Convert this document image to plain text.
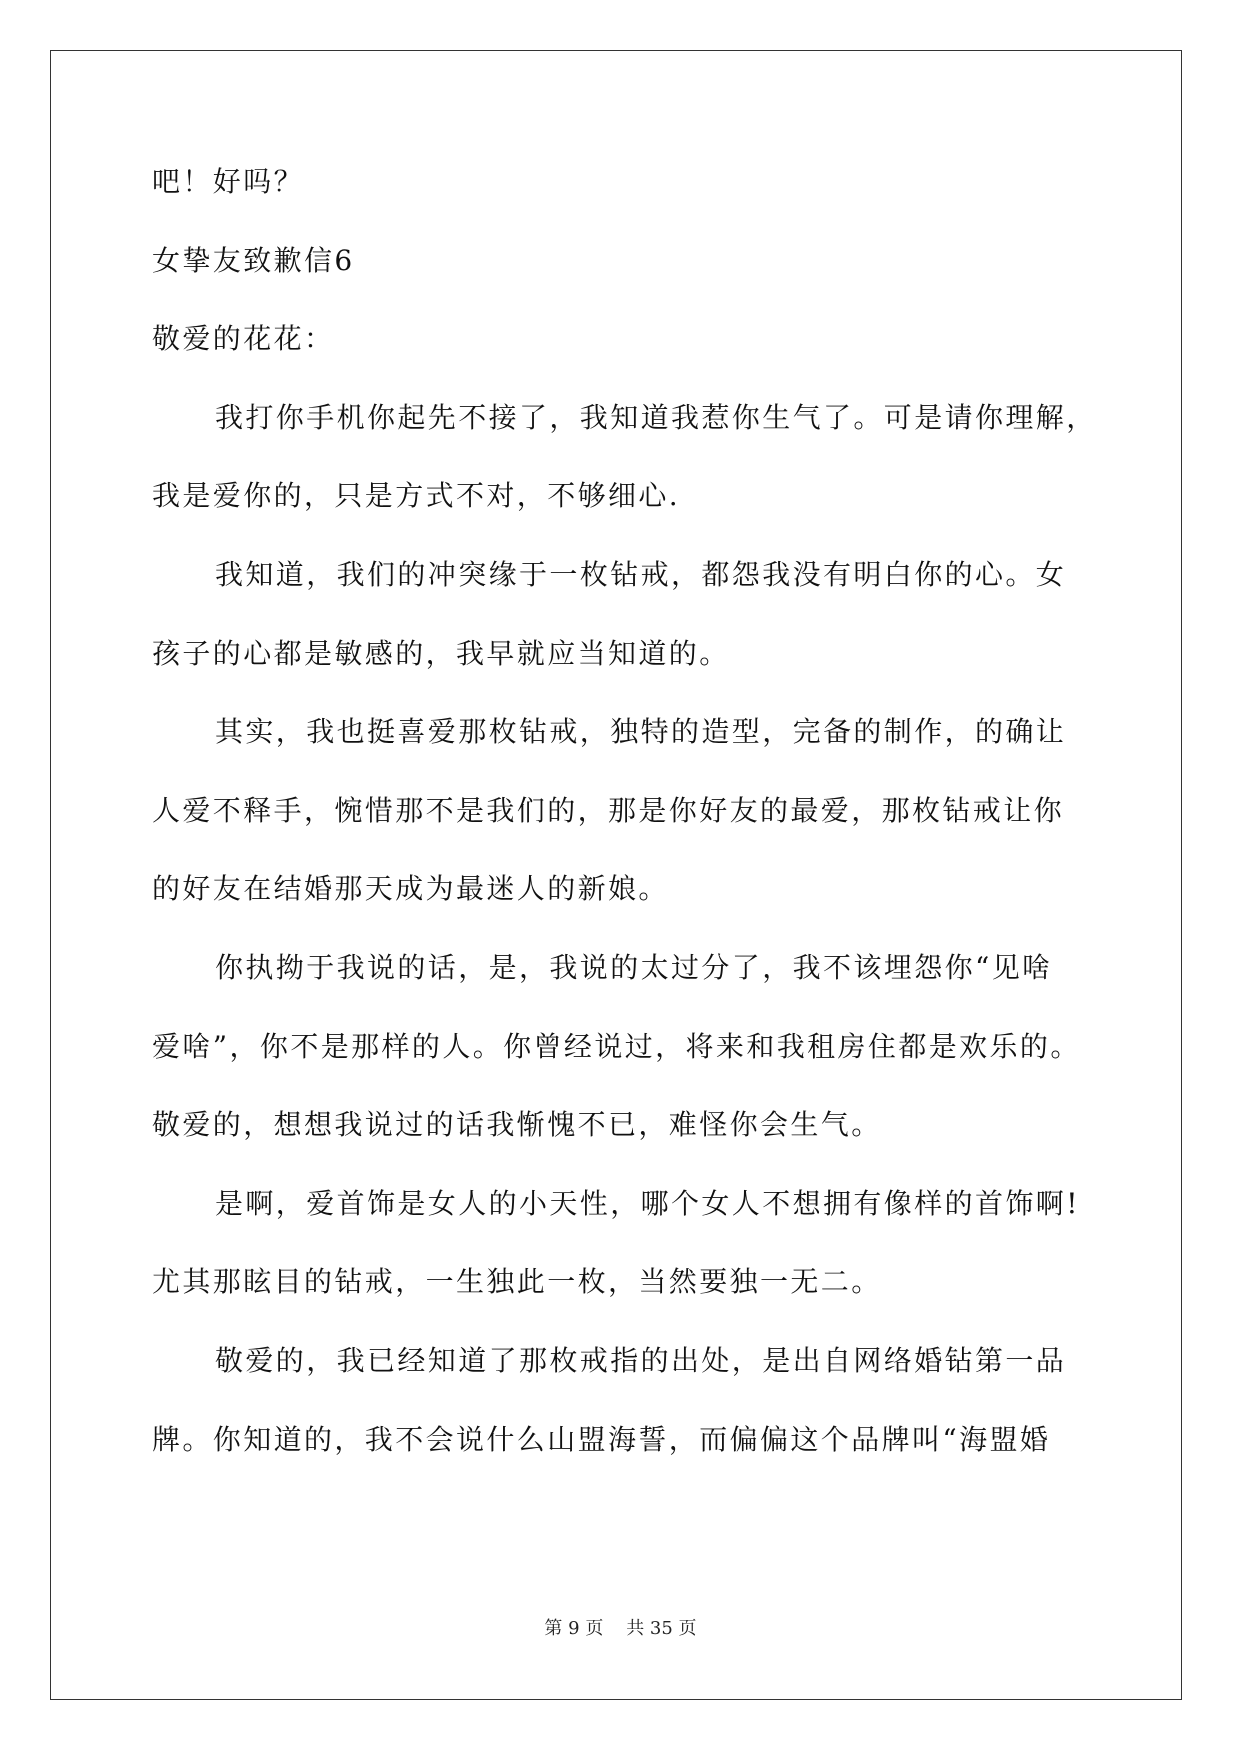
吧！好吗？
女挚友致歉信6
敬爱的花花：
我打你手机你起先不接了，我知道我惹你生气了。可是请你理解，
我是爱你的，只是方式不对，不够细心.
我知道，我们的冲突缘于一枚钻戒，都怨我没有明白你的心。女
孩子的心都是敏感的，我早就应当知道的。
其实，我也挺喜爱那枚钻戒，独特的造型，完备的制作，的确让
人爱不释手，惋惜那不是我们的，那是你好友的最爱，那枚钻戒让你
的好友在结婚那天成为最迷人的新娘。
你执拗于我说的话，是，我说的太过分了，我不该埋怨你“见啥
爱啥”，你不是那样的人。你曾经说过，将来和我租房住都是欢乐的。
敬爱的，想想我说过的话我惭愧不已，难怪你会生气。
是啊，爱首饰是女人的小天性，哪个女人不想拥有像样的首饰啊!
尤其那眩目的钻戒，一生独此一枚，当然要独一无二。
敬爱的，我已经知道了那枚戒指的出处，是出自网络婚钻第一品
牌。你知道的，我不会说什么山盟海誓，而偏偏这个品牌叫“海盟婚
第 9 页    共 35 页
